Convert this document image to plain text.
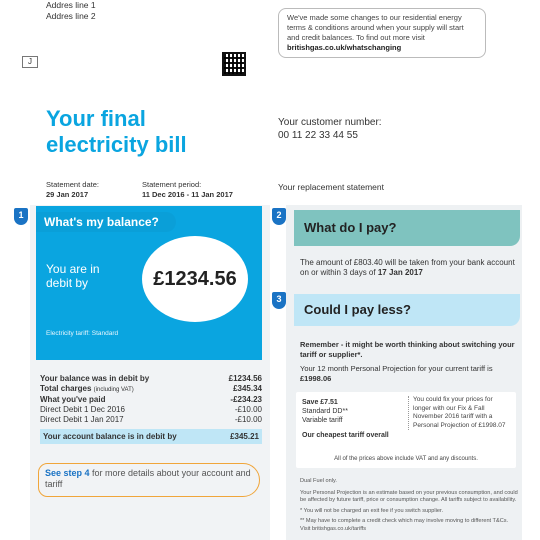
Addres line 1
Addres line 2
J
We've made some changes to our residential energy terms & conditions around when your supply will start and credit balances. To find out more visit britishgas.co.uk/whatschanging
Your final
electricity bill
Your customer number:
00 11 22 33 44 55
Statement date:
29 Jan 2017
Statement period:
11 Dec 2016 - 11 Jan 2017
Your replacement statement
1	What's my balance?
You are in
debit by	£1234.56
Electricity tariff: Standard
Your balance was in debit by	£1234.56
Total charges (including VAT)	£345.34
What you've paid	-£234.23
Direct Debit 1 Dec 2016	-£10.00
Direct Debit 1 Jan 2017	-£10.00
Your account balance is in debit by	£345.21
See step 4 for more details about your account and tariff
2
What do I pay?
The amount of £803.40 will be taken from your bank account on or within 3 days of 17 Jan 2017
3
Could I pay less?
Remember - it might be worth thinking about switching your tariff or supplier*.
Your 12 month Personal Projection for your current tariff is £1998.06
Save £7.51
Standard DD**
Variable tariff
You could fix your prices for longer with our Fix & Fall November 2016 tariff with a Personal Projection of £1998.07
Our cheapest tariff overall
All of the prices above include VAT and any discounts.
Dual Fuel only.
Your Personal Projection is an estimate based on your previous consumption, and could be affected by future tariff, price or consumption change. All tariffs subject to availability.
* You will not be charged an exit fee if you switch supplier.
** May have to complete a credit check which may involve moving to different T&Cs. Visit britishgas.co.uk/tariffs
